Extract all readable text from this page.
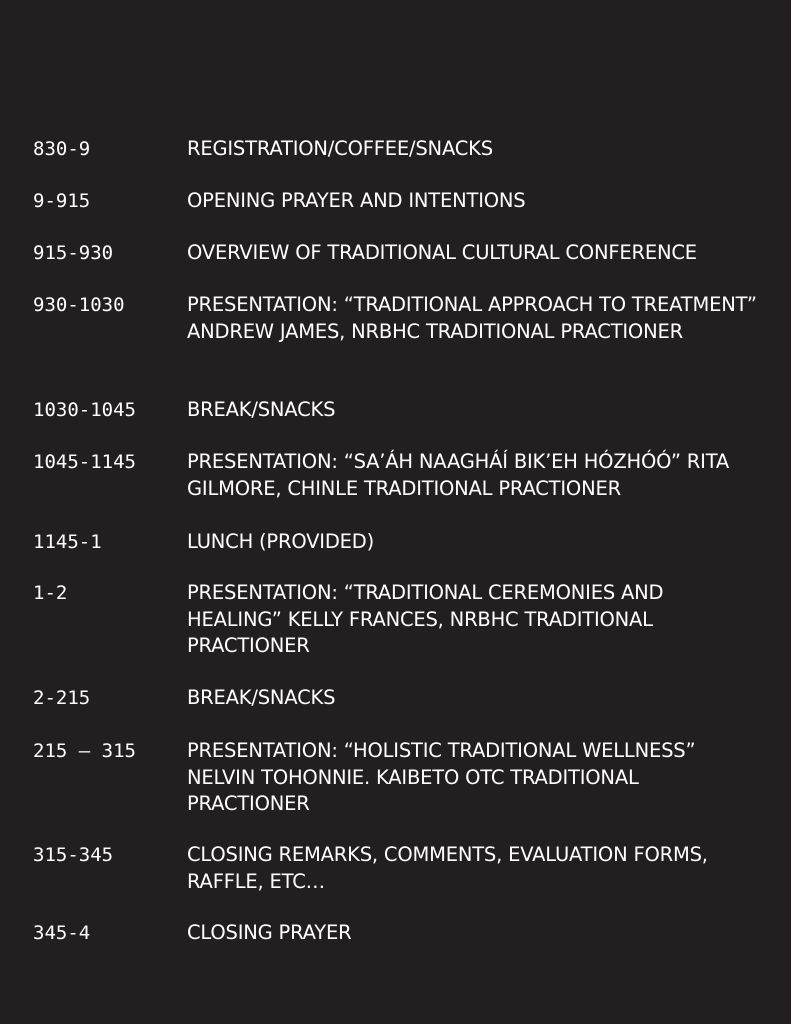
830-9	REGISTRATION/COFFEE/SNACKS
9-915	OPENING PRAYER AND INTENTIONS
915-930	OVERVIEW OF TRADITIONAL CULTURAL CONFERENCE
930-1030	PRESENTATION: “TRADITIONAL APPROACH TO TREATMENT” ANDREW JAMES, NRBHC TRADITIONAL PRACTIONER
1030-1045	BREAK/SNACKS
1045-1145	PRESENTATION: “SA’ÁH NAAGHÁÍ BIK’EH HÓZHÓÓ” RITA GILMORE, CHINLE TRADITIONAL PRACTIONER
1145-1	LUNCH (PROVIDED)
1-2	PRESENTATION: “TRADITIONAL CEREMONIES AND HEALING” KELLY FRANCES, NRBHC TRADITIONAL PRACTIONER
2-215	BREAK/SNACKS
215 – 315	PRESENTATION: “HOLISTIC TRADITIONAL WELLNESS” NELVIN TOHONNIE. KAIBETO OTC TRADITIONAL PRACTIONER
315-345	CLOSING REMARKS, COMMENTS, EVALUATION FORMS, RAFFLE, ETC…
345-4	CLOSING PRAYER
